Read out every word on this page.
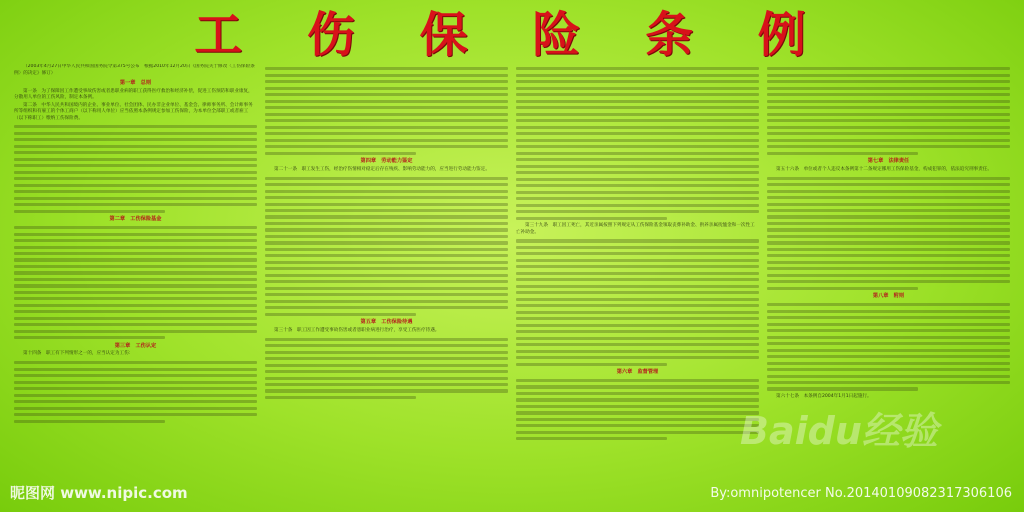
工 伤 保 险 条 例

（2003年4月27日中华人民共和国国务院令第375号公布　根据2010年12月20日《国务院关于修改〈工伤保险条例〉的决定》修订）

第一章　总则

第一条　为了保障因工作遭受事故伤害或者患职业病的职工获得医疗救治和经济补偿，促进工伤预防和职业康复，分散用人单位的工伤风险，制定本条例。

第二条　中华人民共和国境内的企业、事业单位、社会团体、民办非企业单位、基金会、律师事务所、会计师事务所等组织和有雇工的个体工商户（以下称用人单位）应当依照本条例规定参加工伤保险，为本单位全部职工或者雇工（以下称职工）缴纳工伤保险费。

第二章　工伤保险基金

第三章　工伤认定

第十四条　职工有下列情形之一的，应当认定为工伤：

第四章　劳动能力鉴定

第二十一条　职工发生工伤，经治疗伤情相对稳定后存在残疾、影响劳动能力的，应当进行劳动能力鉴定。

第五章　工伤保险待遇

第三十条　职工因工作遭受事故伤害或者患职业病进行治疗，享受工伤医疗待遇。

第三十九条　职工因工死亡，其近亲属按照下列规定从工伤保险基金领取丧葬补助金、供养亲属抚恤金和一次性工亡补助金。

第六章　监督管理

第七章　法律责任

第五十六条　单位或者个人违反本条例第十二条规定挪用工伤保险基金，构成犯罪的，依法追究刑事责任。

第八章　附则

第六十七条　本条例自2004年1月1日起施行。

Baidu经验
昵图网 www.nipic.com	By:omnipotencer No.20140109082317306106
